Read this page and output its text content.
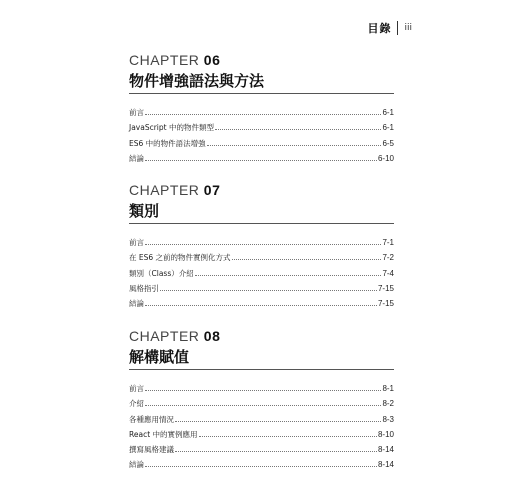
目錄 iii
CHAPTER 06
物件增強語法與方法
前言	6-1
JavaScript 中的物件類型	6-1
ES6 中的物件語法增強	6-5
結論	6-10
CHAPTER 07
類別
前言	7-1
在 ES6 之前的物件實例化方式	7-2
類別（Class）介紹	7-4
風格指引	7-15
結論	7-15
CHAPTER 08
解構賦值
前言	8-1
介紹	8-2
各種應用情況	8-3
React 中的實例應用	8-10
撰寫風格建議	8-14
結論	8-14
